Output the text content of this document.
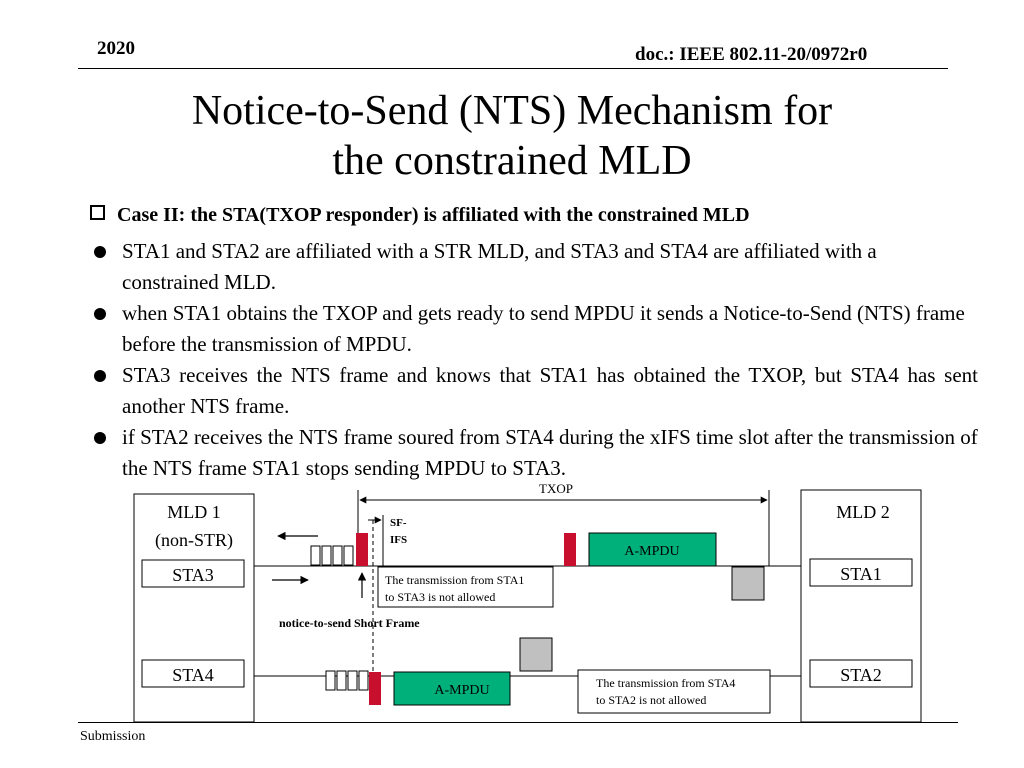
2020	doc.: IEEE 802.11-20/0972r0
Notice-to-Send (NTS) Mechanism for
the constrained MLD
Case II: the STA(TXOP responder) is affiliated with the constrained MLD
STA1 and STA2 are affiliated with a STR MLD, and STA3 and STA4 are affiliated with a constrained MLD.
when STA1 obtains the TXOP and gets ready to send MPDU it sends a Notice-to-Send (NTS) frame before the transmission of MPDU.
STA3 receives the NTS frame and knows that STA1 has obtained the TXOP, but STA4 has sent another NTS frame.
if STA2 receives the NTS frame soured from STA4 during the xIFS time slot after the transmission of the NTS frame STA1 stops sending MPDU to STA3.
MLD 1
(non-STR)
STA3
STA4
MLD 2
STA1
STA2
TXOP
SF-
IFS
A-MPDU
notice-to-send Short Frame
The transmission from STA1
to STA3 is not allowed
A-MPDU	The transmission from STA4
to STA2 is not allowed
Submission
